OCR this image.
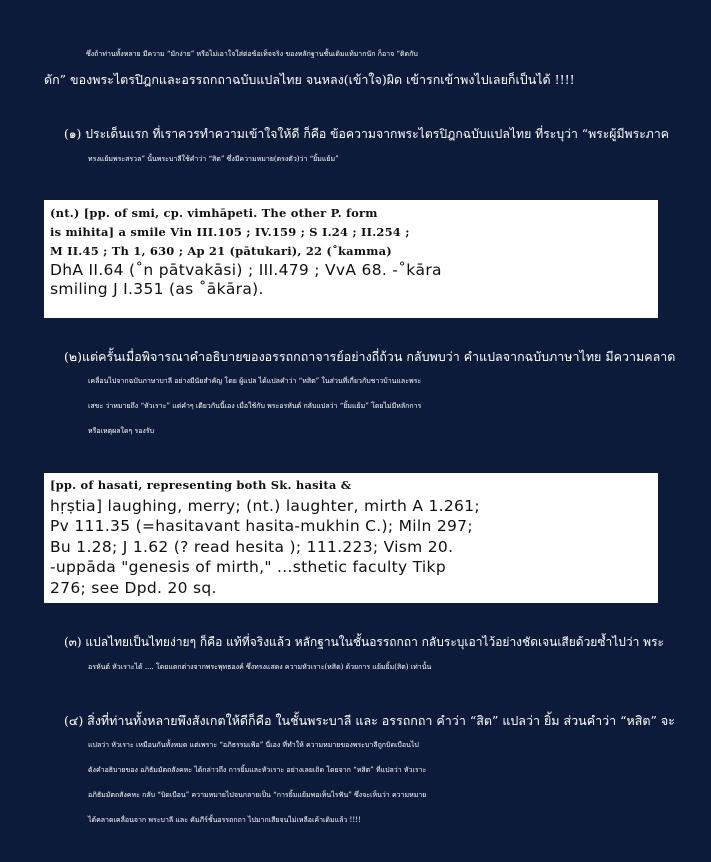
ซึ่งถ้าท่านทั้งหลาย มีความ “มักง่าย” หรือไม่เอาใจใส่ต่อข้อเท็จจริง ของหลักฐานชั้นเดิมแท้มากนัก ก็อาจ “ติดกับ
ดัก” ของพระไตรปิฎกและอรรถกถาฉบับแปลไทย จนหลง(เข้าใจ)ผิด เข้ารกเข้าพงไปเลยก็เป็นได้ !!!!
(๑) ประเด็นแรก ที่เราควรทำความเข้าใจให้ดี ก็คือ ข้อความจากพระไตรปิฎกฉบับแปลไทย ที่ระบุว่า “พระผู้มีพระภาค
ทรงแย้มพระสรวล” นั้นพระบาลีใช้คำว่า “สิต” ซึ่งมีความหมาย(ตรงตัว)ว่า “ยิ้มแย้ม”
(nt.) [pp. of smi, cp. vimhāpeti. The other P. form
is mihita] a smile Vin III.105 ; IV.159 ; S I.24 ; II.254 ;
M II.45 ; Th 1, 630 ; Ap 21 (pātukari), 22 (˚kamma)
DhA II.64 (˚n pātvakāsi) ; III.479 ; VvA 68. -˚kāra
smiling J I.351 (as ˚ākāra).
(๒)แต่ครั้นเมื่อพิจารณาคำอธิบายของอรรถกถาจารย์อย่างถี่ถ้วน กลับพบว่า คำแปลจากฉบับภาษาไทย มีความคลาด
เคลื่อนไปจากฉบับภาษาบาลี อย่างมีนัยสำคัญ โดย ผู้แปล ได้แปลคำว่า “หสิต” ในส่วนที่เกี่ยวกับชาวบ้านและพระ
เสขะ ว่าหมายถึง “หัวเราะ” แต่คำๆ เดียวกันนี้เอง เมื่อใช้กับ พระอรหันต์ กลับแปลว่า “ยิ้มแย้ม” โดยไม่มีหลักการ
หรือเหตุผลใดๆ รองรับ
[pp. of hasati, representing both Sk. hasita &
hṛṣtia] laughing, merry; (nt.) laughter, mirth A 1.261;
Pv 111.35 (=hasitavant hasita-mukhin C.); Miln 297;
Bu 1.28; J 1.62 (? read hesita ); 111.223; Vism 20.
-uppāda "genesis of mirth," ...sthetic faculty Tikp
276; see Dpd. 20 sq.
(๓) แปลไทยเป็นไทยง่ายๆ ก็คือ แท้ที่จริงแล้ว หลักฐานในชั้นอรรถกถา กลับระบุเอาไว้อย่างชัดเจนเสียด้วยซ้ำไปว่า พระ
อรหันต์ หัวเราะได้ .... โดยแตกต่างจากพระพุทธองค์ ซึ่งทรงแสดง ความหัวเราะ(หสิต) ด้วยการ แย้มยิ้ม(สิต) เท่านั้น
(๔) สิ่งที่ท่านทั้งหลายพึงสังเกตให้ดีก็คือ ในชั้นพระบาลี และ อรรถกถา คำว่า “สิต” แปลว่า ยิ้ม ส่วนคำว่า “หสิต” จะ
แปลว่า หัวเราะ เหมือนกันทั้งหมด แต่เพราะ “อภิธรรมเฟ้อ” นี่เอง ที่ทำให้ ความหมายของพระบาลีถูกบิดเบือนไป
ดังคำอธิบายของ อภิธัมมัตถสังคหะ ได้กล่าวถึง การยิ้มและหัวเราะ อย่างเลยเถิด โดยจาก “หสิต” ที่แปลว่า หัวเราะ
อภิธัมมัตถสังคหะ กลับ “บิดเบือน” ความหมายไปจนกลายเป็น “การยิ้มแย้มพอเห็นไรฟัน” ซึ่งจะเห็นว่า ความหมาย
ได้คลาดเคลื่อนจาก พระบาลี และ คัมภีร์ชั้นอรรถกถา ไปมากเสียจนไม่เหลือเค้าเดิมแล้ว !!!!
